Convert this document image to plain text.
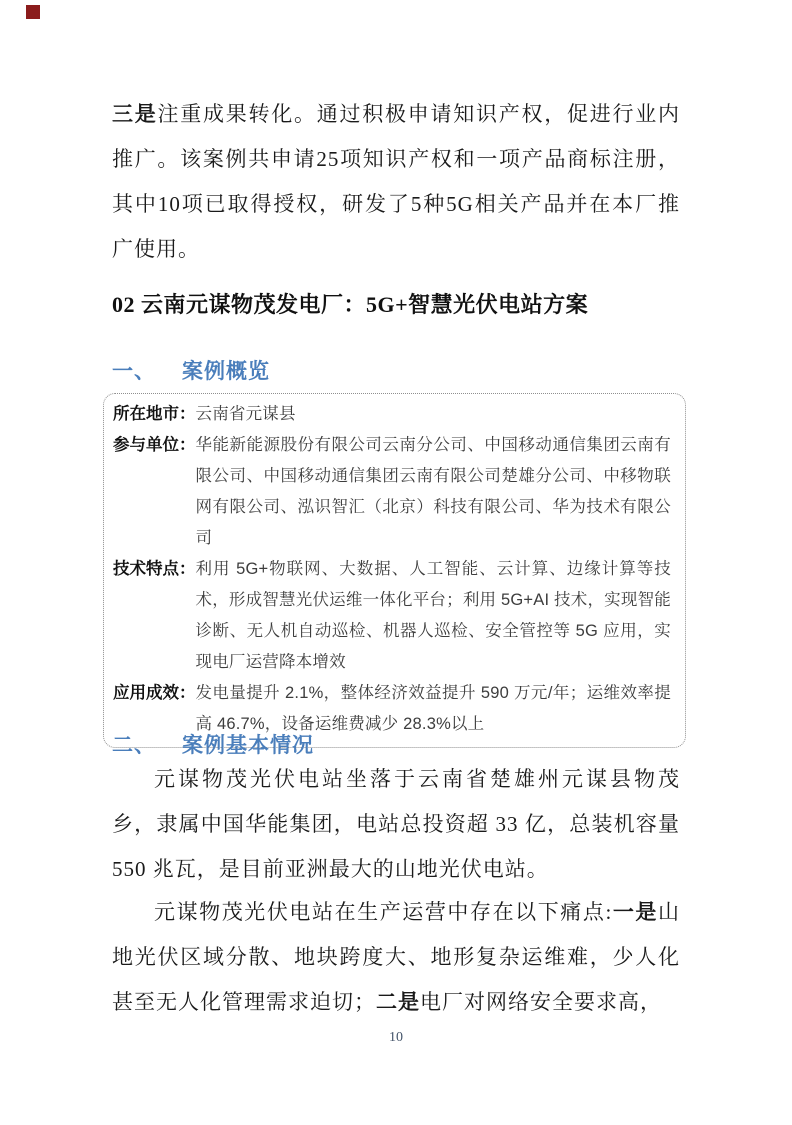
三是注重成果转化。通过积极申请知识产权，促进行业内推广。该案例共申请25项知识产权和一项产品商标注册，其中10项已取得授权，研发了5种5G相关产品并在本厂推广使用。

02 云南元谋物茂发电厂：5G+智慧光伏电站方案
一、 案例概览
所在地市： 云南省元谋县
参与单位： 华能新能源股份有限公司云南分公司、中国移动通信集团云南有限公司、中国移动通信集团云南有限公司楚雄分公司、中移物联网有限公司、泓识智汇（北京）科技有限公司、华为技术有限公司
技术特点： 利用 5G+物联网、大数据、人工智能、云计算、边缘计算等技术，形成智慧光伏运维一体化平台；利用 5G+AI 技术，实现智能诊断、无人机自动巡检、机器人巡检、安全管控等 5G 应用，实现电厂运营降本增效
应用成效： 发电量提升 2.1%，整体经济效益提升 590 万元/年；运维效率提高 46.7%，设备运维费减少 28.3%以上
二、 案例基本情况

元谋物茂光伏电站坐落于云南省楚雄州元谋县物茂乡，隶属中国华能集团，电站总投资超 33 亿，总装机容量 550 兆瓦，是目前亚洲最大的山地光伏电站。

元谋物茂光伏电站在生产运营中存在以下痛点:一是山地光伏区域分散、地块跨度大、地形复杂运维难，少人化甚至无人化管理需求迫切；二是电厂对网络安全要求高，

10
